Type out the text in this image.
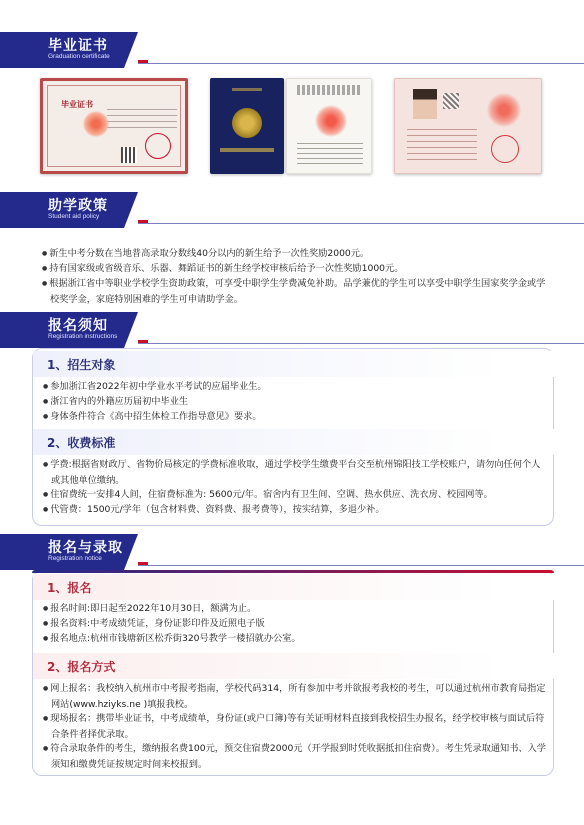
毕业证书
Graduation certificate
毕业证书
助学政策
Student aid policy
● 新生中考分数在当地普高录取分数线40分以内的新生给予一次性奖励2000元。
● 持有国家级或省级音乐、乐器、舞蹈证书的新生经学校审核后给予一次性奖励1000元。
● 根据浙江省中等职业学校学生资助政策，可享受中职学生学费减免补助。品学兼优的学生可以享受中职学生国家奖学金或学校奖学金，家庭特别困难的学生可申请助学金。
报名须知
Registration instructions
1、招生对象
● 参加浙江省2022年初中学业水平考试的应届毕业生。
● 浙江省内的外籍应历届初中毕业生
● 身体条件符合《高中招生体检工作指导意见》要求。
2、收费标准
● 学费:根据省财政厅、省物价局核定的学费标准收取，通过学校学生缴费平台交至杭州锦阳技工学校账户，请勿向任何个人或其他单位缴纳。
● 住宿费统一安排4人间，住宿费标准为: 5600元/年。宿舍内有卫生间、空调、热水供应、洗衣房、校园网等。
● 代管费：1500元/学年（包含材料费、资料费、报考费等），按实结算，多退少补。
报名与录取
Registration notice
1、报名
● 报名时间:即日起至2022年10月30日，额满为止。
● 报名资料:中考成绩凭证，身份证影印件及近照电子版
● 报名地点:杭州市钱塘新区松乔街320号教学一楼招就办公室。
2、报名方式
● 网上报名：我校纳入杭州市中考报考指南，学校代码314，所有参加中考并欲报考我校的考生，可以通过杭州市教育局指定网站(www.hziyks.ne )填报我校。
● 现场报名：携带毕业证书，中考成绩单，身份证(或户口簿)等有关证明材料直接到我校招生办报名，经学校审核与面试后符合条件者择优录取。
● 符合录取条件的考生，缴纳报名费100元，预交住宿费2000元（开学报到时凭收据抵扣住宿费）。考生凭录取通知书、入学须知和缴费凭证按规定时间来校报到。
